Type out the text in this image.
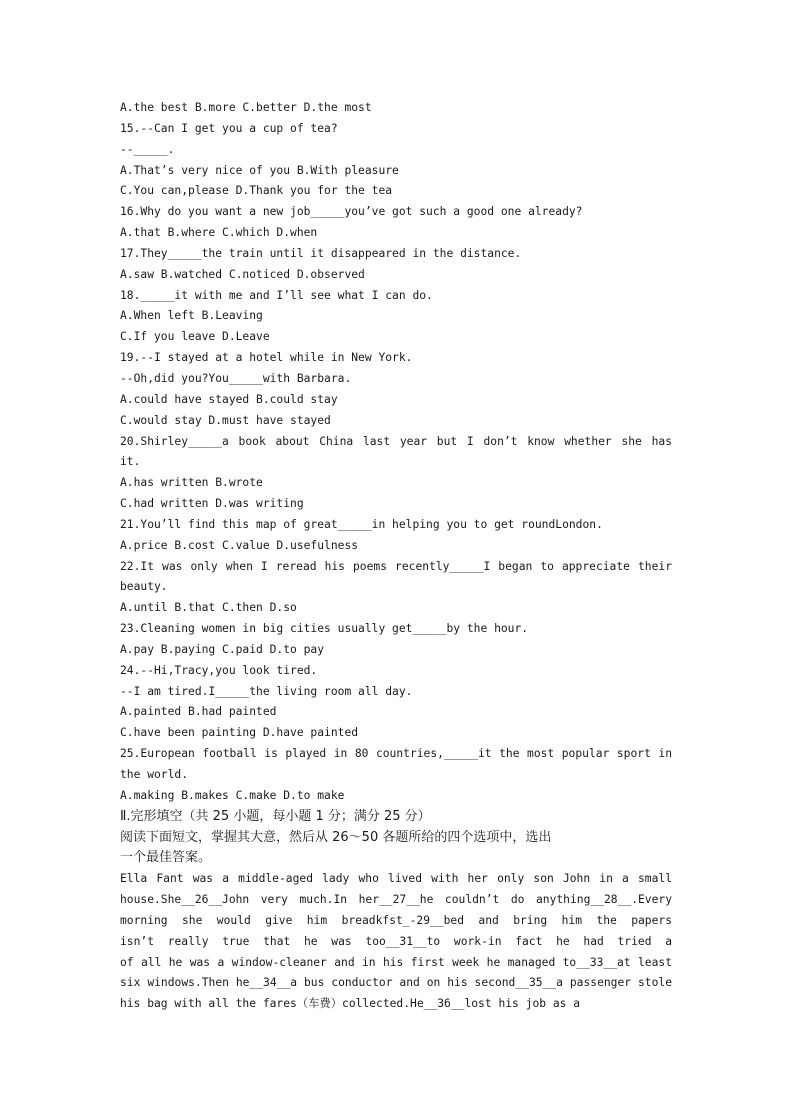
A.the best B.more C.better D.the most
15.--Can I get you a cup of tea?
--_____.
A.That’s very nice of you B.With pleasure
C.You can,please D.Thank you for the tea
16.Why do you want a new job_____you’ve got such a good one already?
A.that B.where C.which D.when
17.They_____the train until it disappeared in the distance.
A.saw B.watched C.noticed D.observed
18._____it with me and I’ll see what I can do.
A.When left B.Leaving
C.If you leave D.Leave
19.--I stayed at a hotel while in New York.
--Oh,did you?You_____with Barbara.
A.could have stayed B.could stay
C.would stay D.must have stayed
20.Shirley_____a book about China last year but I don’t know whether she has
it.
A.has written B.wrote
C.had written D.was writing
21.You’ll find this map of great_____in helping you to get roundLondon.
A.price B.cost C.value D.usefulness
22.It was only when I reread his poems recently_____I began to appreciate their
beauty.
A.until B.that C.then D.so
23.Cleaning women in big cities usually get_____by the hour.
A.pay B.paying C.paid D.to pay
24.--Hi,Tracy,you look tired.
--I am tired.I_____the living room all day.
A.painted B.had painted
C.have been painting D.have painted
25.European football is played in 80 countries,_____it the most popular sport in
the world.
A.making B.makes C.make D.to make
Ⅱ.完形填空（共 25 小题，每小题 1 分；满分 25 分）
阅读下面短文，掌握其大意，然后从 26～50 各题所给的四个选项中，选出
一个最佳答案。
Ella Fant was a middle-aged lady who lived with her only son John in a small
house.She__26__John very much.In her__27__he couldn’t do anything__28__.Every
morning she would give him breadkfst_-29__bed and bring him the papers
isn’t really true that he was too__31__to work-in fact he had tried a
of all he was a window-cleaner and in his first week he managed to__33__at least
six windows.Then he__34__a bus conductor and on his second__35__a passenger stole
his bag with all the fares（车费）collected.He__36__lost his job as a
